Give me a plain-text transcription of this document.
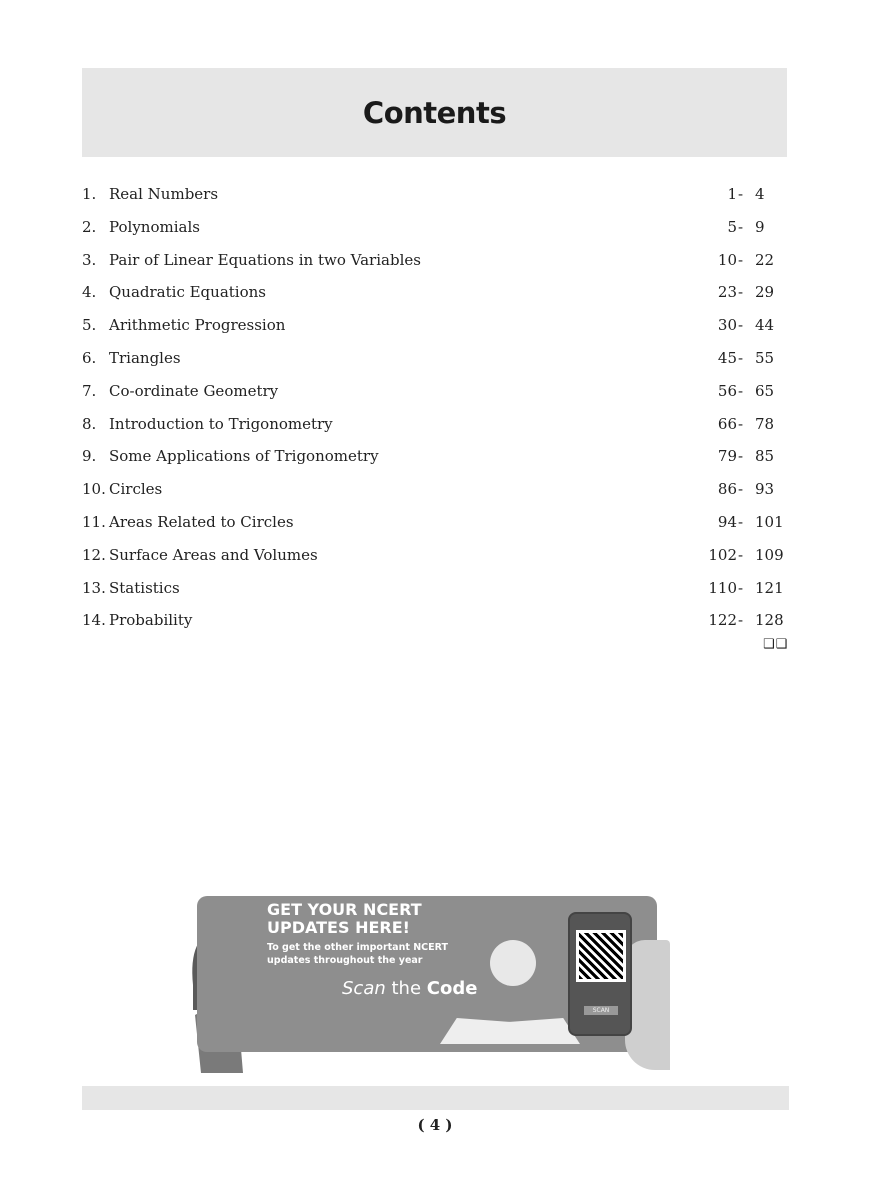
Contents
1. Real Numbers	1 - 4
2. Polynomials	5 - 9
3. Pair of Linear Equations in two Variables	10 - 22
4. Quadratic Equations	23 - 29
5. Arithmetic Progression	30 - 44
6. Triangles	45 - 55
7. Co-ordinate Geometry	56 - 65
8. Introduction to Trigonometry	66 - 78
9. Some Applications of Trigonometry	79 - 85
10. Circles	86 - 93
11. Areas Related to Circles	94 - 101
12. Surface Areas and Volumes	102 - 109
13. Statistics	110 - 121
14. Probability	122 - 128
❑❑
GET YOUR NCERT UPDATES HERE!
To get the other important NCERT updates throughout the year
Scan the Code
SCAN
( 4 )
